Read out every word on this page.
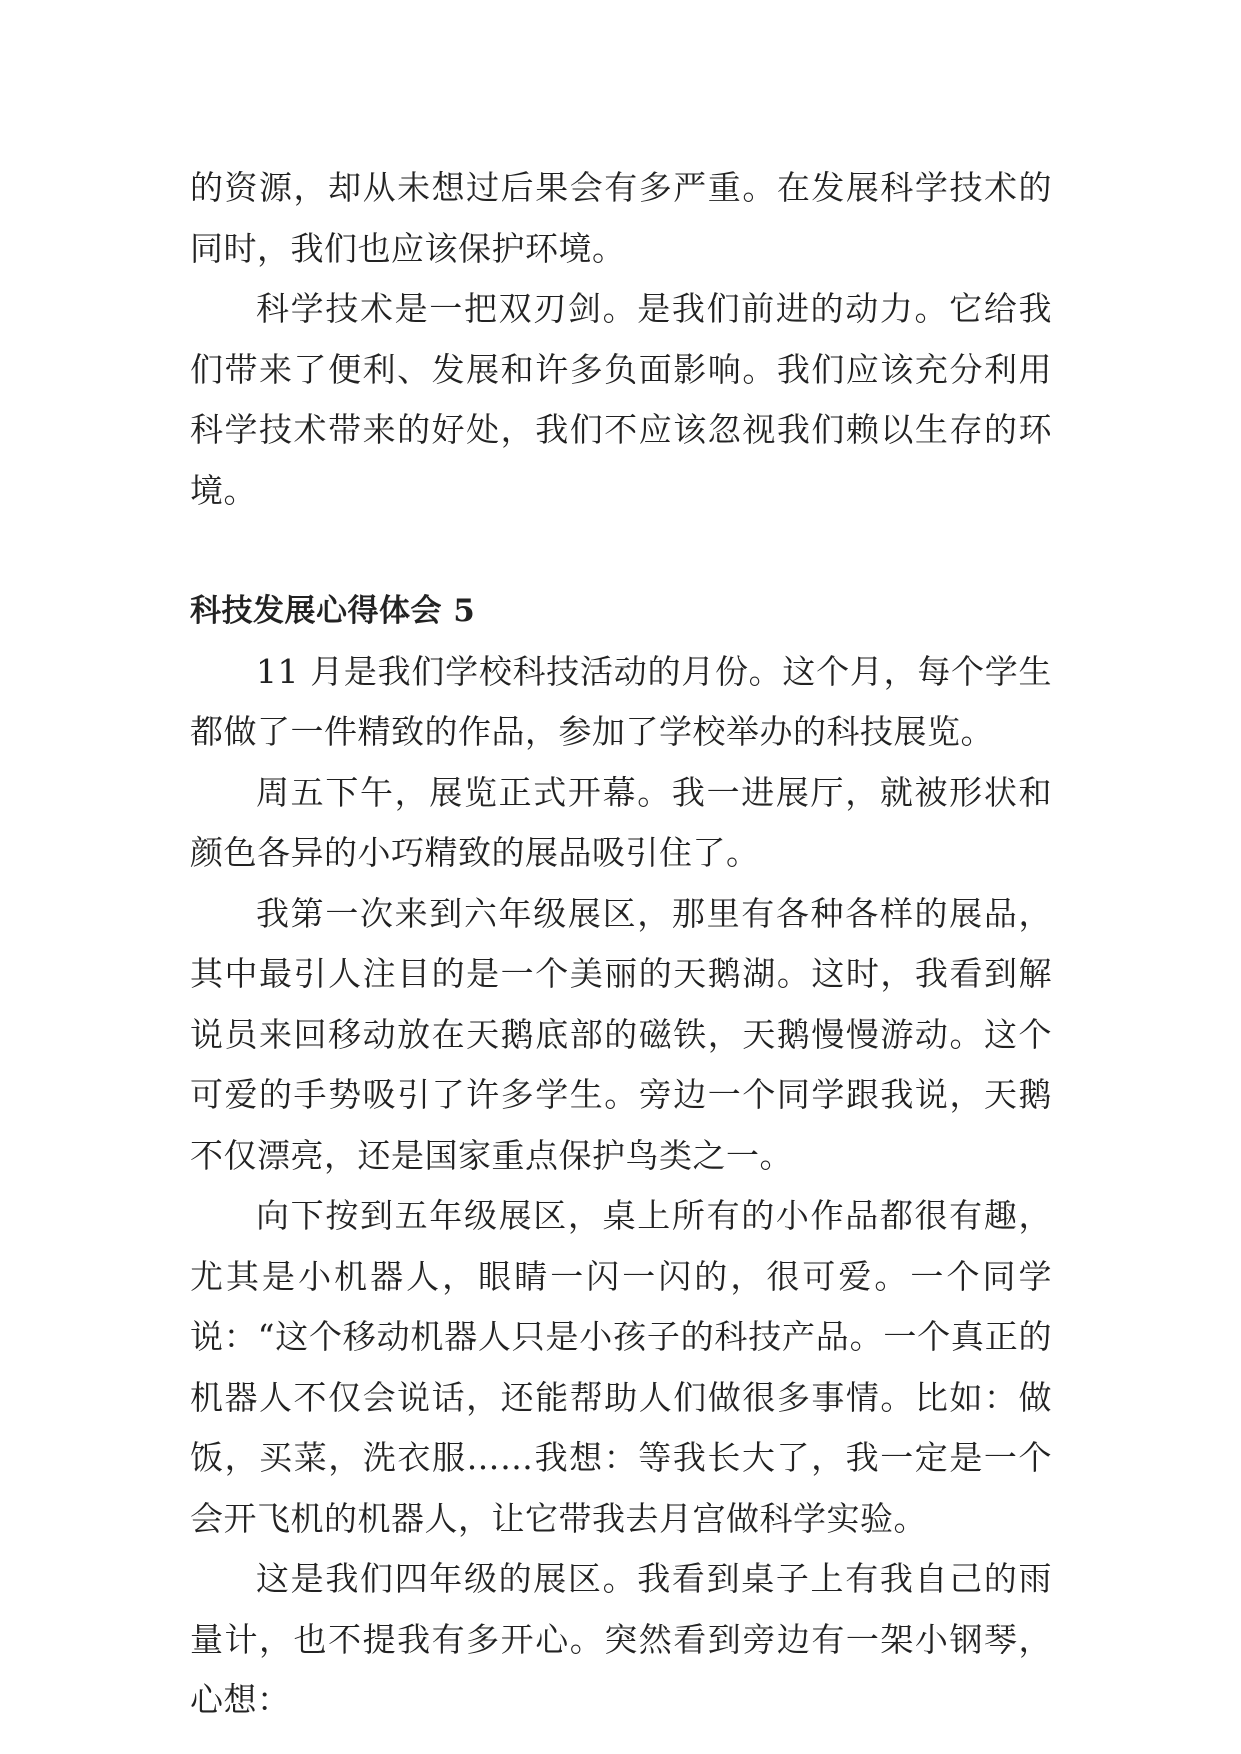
的资源，却从未想过后果会有多严重。在发展科学技术的同时，我们也应该保护环境。

科学技术是一把双刃剑。是我们前进的动力。它给我们带来了便利、发展和许多负面影响。我们应该充分利用科学技术带来的好处，我们不应该忽视我们赖以生存的环境。

科技发展心得体会 5

11 月是我们学校科技活动的月份。这个月，每个学生都做了一件精致的作品，参加了学校举办的科技展览。

周五下午，展览正式开幕。我一进展厅，就被形状和颜色各异的小巧精致的展品吸引住了。

我第一次来到六年级展区，那里有各种各样的展品，其中最引人注目的是一个美丽的天鹅湖。这时，我看到解说员来回移动放在天鹅底部的磁铁，天鹅慢慢游动。这个可爱的手势吸引了许多学生。旁边一个同学跟我说，天鹅不仅漂亮，还是国家重点保护鸟类之一。

向下按到五年级展区，桌上所有的小作品都很有趣，尤其是小机器人，眼睛一闪一闪的，很可爱。一个同学说：“这个移动机器人只是小孩子的科技产品。一个真正的机器人不仅会说话，还能帮助人们做很多事情。比如：做饭，买菜，洗衣服……我想：等我长大了，我一定是一个会开飞机的机器人，让它带我去月宫做科学实验。

这是我们四年级的展区。我看到桌子上有我自己的雨量计，也不提我有多开心。突然看到旁边有一架小钢琴，心想：
